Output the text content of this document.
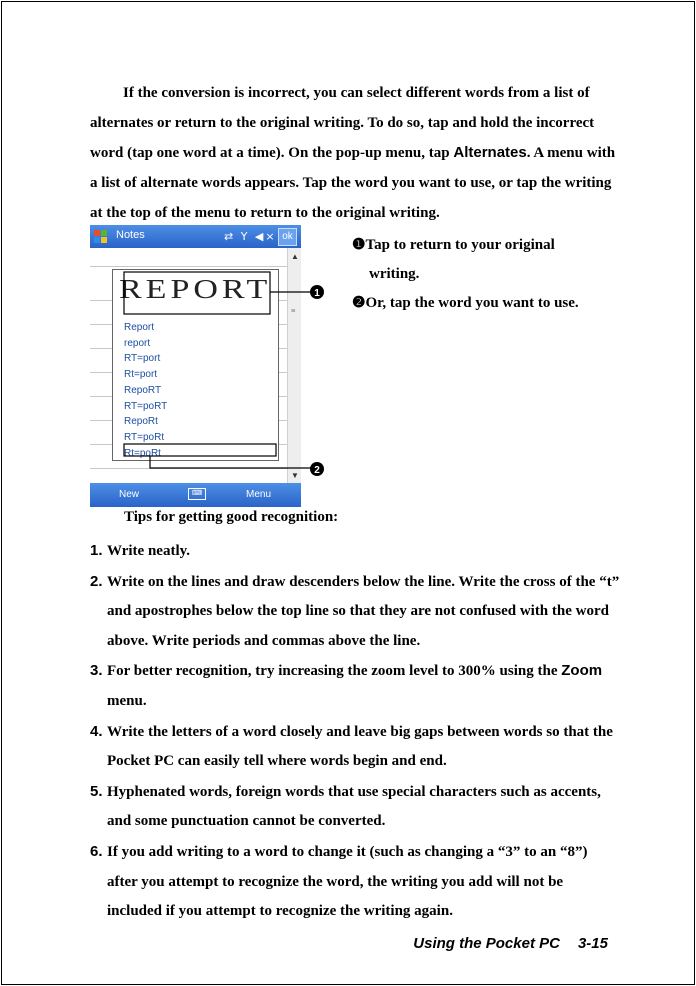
If the conversion is incorrect, you can select different words from a list of alternates or return to the original writing. To do so, tap and hold the incorrect word (tap one word at a time). On the pop-up menu, tap Alternates. A menu with a list of alternate words appears. Tap the word you want to use, or tap the writing at the top of the menu to return to the original writing.

Notes	⇄ Y ◀× ok
▲
≡
▼
REPORT
Report
report
RT=port
Rt=port
RepoRT
RT=poRT
RepoRt
RT=poRt
Rt=poRt
New	⌨	Menu
1
2
❶Tap to return to your original
writing.
❷Or, tap the word you want to use.
Tips for getting good recognition:
1. Write neatly.
2. Write on the lines and draw descenders below the line. Write the cross of the “t” and apostrophes below the top line so that they are not confused with the word above. Write periods and commas above the line.
3. For better recognition, try increasing the zoom level to 300% using the Zoom menu.
4. Write the letters of a word closely and leave big gaps between words so that the Pocket PC can easily tell where words begin and end.
5. Hyphenated words, foreign words that use special characters such as accents, and some punctuation cannot be converted.
6. If you add writing to a word to change it (such as changing a “3” to an “8”) after you attempt to recognize the word, the writing you add will not be included if you attempt to recognize the writing again.
Using the Pocket PC 3-15
